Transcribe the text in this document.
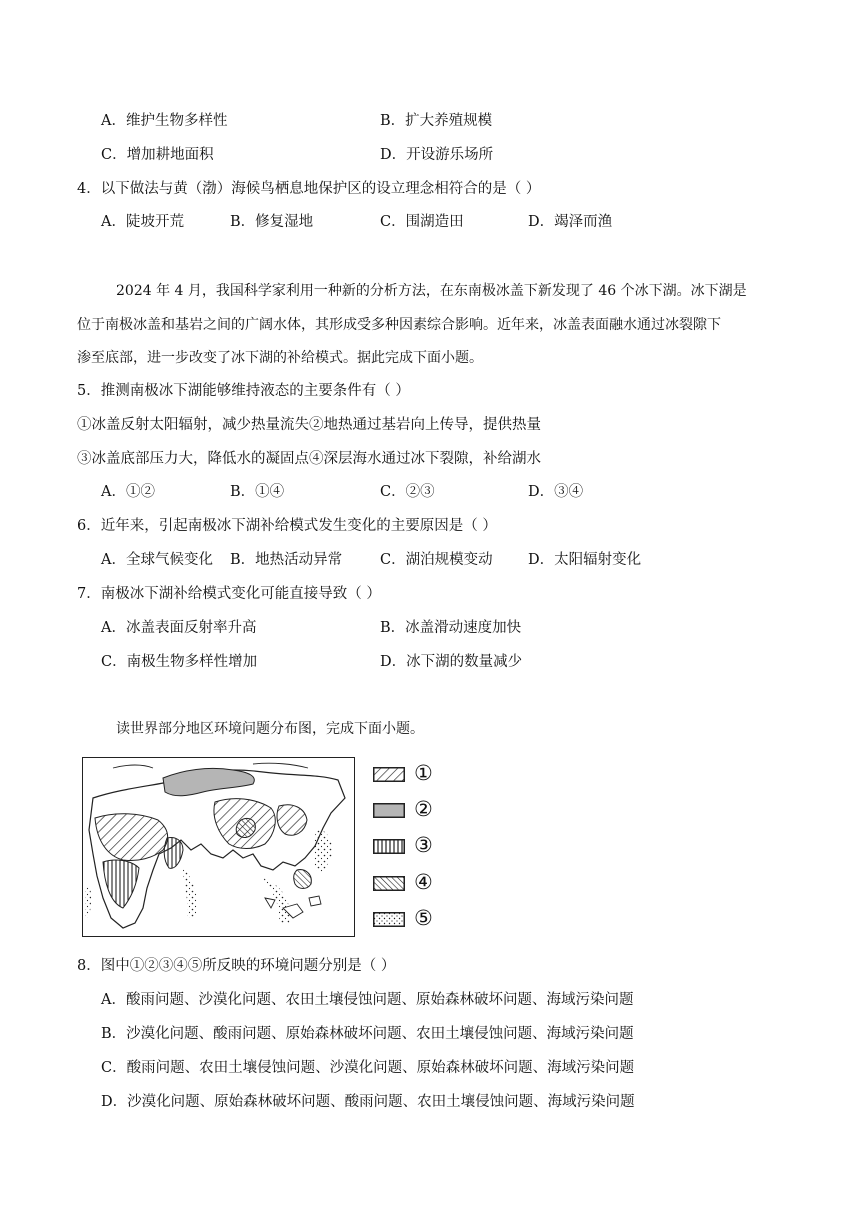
A．维护生物多样性	B．扩大养殖规模
C．增加耕地面积	D．开设游乐场所
4．以下做法与黄（渤）海候鸟栖息地保护区的设立理念相符合的是（ ）
A．陡坡开荒	B．修复湿地	C．围湖造田	D．竭泽而渔
2024 年 4 月，我国科学家利用一种新的分析方法，在东南极冰盖下新发现了 46 个冰下湖。冰下湖是
位于南极冰盖和基岩之间的广阔水体，其形成受多种因素综合影响。近年来，冰盖表面融水通过冰裂隙下
渗至底部，进一步改变了冰下湖的补给模式。据此完成下面小题。
5．推测南极冰下湖能够维持液态的主要条件有（ ）
①冰盖反射太阳辐射，减少热量流失②地热通过基岩向上传导，提供热量
③冰盖底部压力大，降低水的凝固点④深层海水通过冰下裂隙，补给湖水
A．①②	B．①④	C．②③	D．③④
6．近年来，引起南极冰下湖补给模式发生变化的主要原因是（ ）
A．全球气候变化 B．地热活动异常	C．湖泊规模变动 D．太阳辐射变化
7．南极冰下湖补给模式变化可能直接导致（ ）
A．冰盖表面反射率升高	B．冰盖滑动速度加快
C．南极生物多样性增加	D．冰下湖的数量减少
读世界部分地区环境问题分布图，完成下面小题。
①
②
③
④
⑤
8．图中①②③④⑤所反映的环境问题分别是（ ）
A．酸雨问题、沙漠化问题、农田土壤侵蚀问题、原始森林破坏问题、海域污染问题
B．沙漠化问题、酸雨问题、原始森林破坏问题、农田土壤侵蚀问题、海域污染问题
C．酸雨问题、农田土壤侵蚀问题、沙漠化问题、原始森林破坏问题、海域污染问题
D．沙漠化问题、原始森林破坏问题、酸雨问题、农田土壤侵蚀问题、海域污染问题
